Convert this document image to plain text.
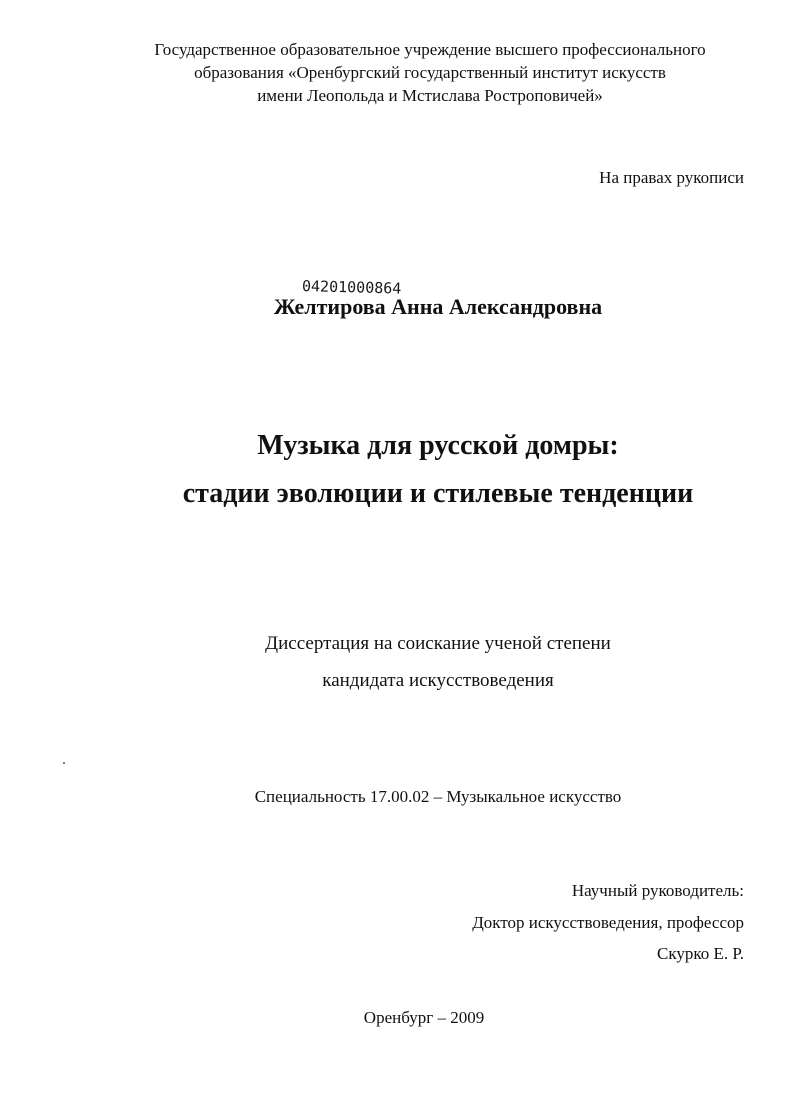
Государственное образовательное учреждение высшего профессионального
образования «Оренбургский государственный институт искусств
имени Леопольда и Мстислава Ростроповичей»
На правах рукописи
04201000864
Желтирова Анна Александровна
Музыка для русской домры:
стадии эволюции и стилевые тенденции
Диссертация на соискание ученой степени
кандидата искусствоведения
Специальность 17.00.02 – Музыкальное искусство
Научный руководитель:
Доктор искусствоведения, профессор
Скурко Е. Р.
Оренбург – 2009
